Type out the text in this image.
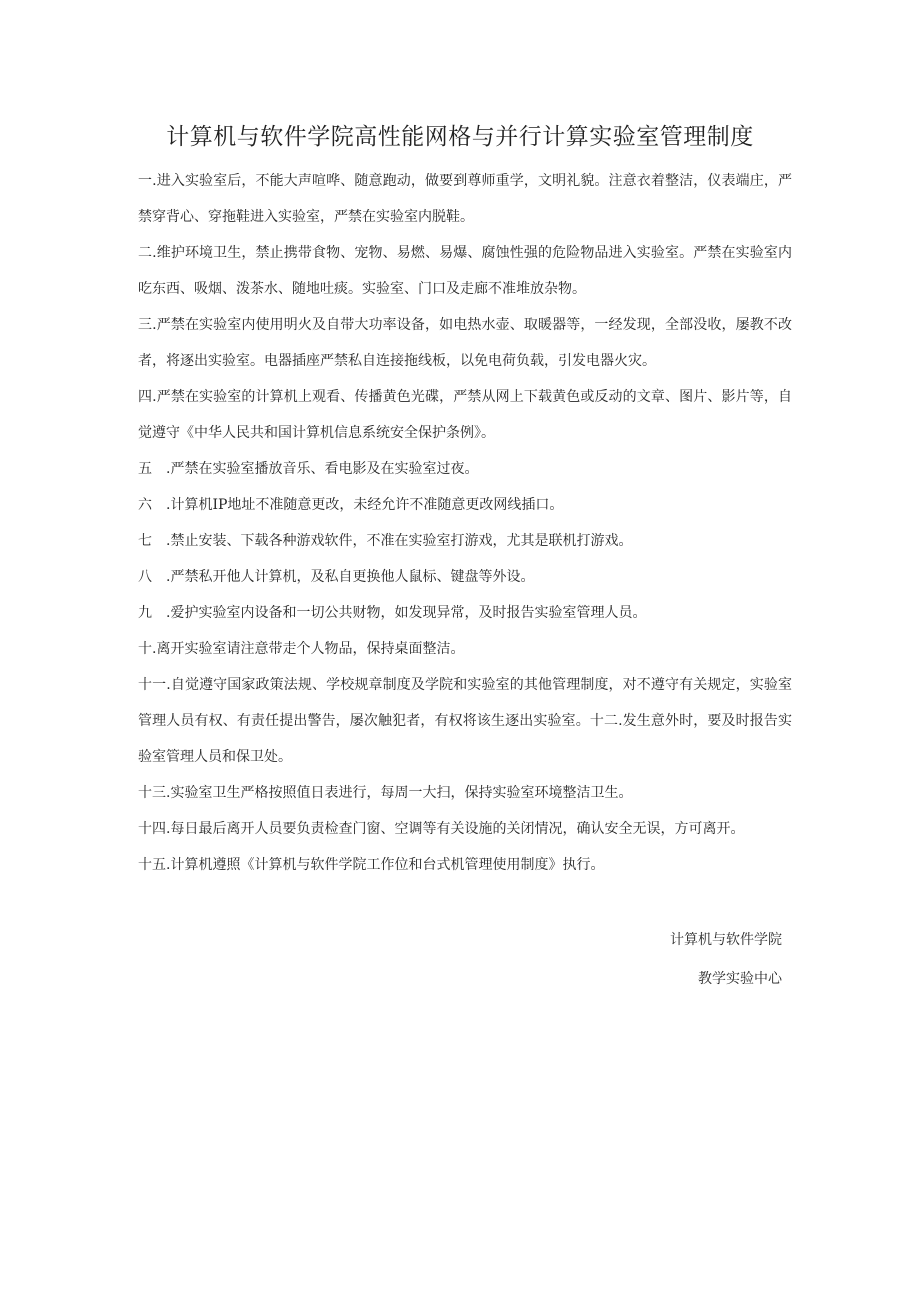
计算机与软件学院高性能网格与并行计算实验室管理制度

一.进入实验室后，不能大声喧哗、随意跑动，做要到尊师重学，文明礼貌。注意衣着整洁，仪表端庄，严禁穿背心、穿拖鞋进入实验室，严禁在实验室内脱鞋。

二.维护环境卫生，禁止携带食物、宠物、易燃、易爆、腐蚀性强的危险物品进入实验室。严禁在实验室内吃东西、吸烟、泼茶水、随地吐痰。实验室、门口及走廊不准堆放杂物。

三.严禁在实验室内使用明火及自带大功率设备，如电热水壶、取暖器等，一经发现，全部没收，屡教不改者，将逐出实验室。电器插座严禁私自连接拖线板，以免电荷负载，引发电器火灾。

四.严禁在实验室的计算机上观看、传播黄色光碟，严禁从网上下载黄色或反动的文章、图片、影片等，自觉遵守《中华人民共和国计算机信息系统安全保护条例》。

五　.严禁在实验室播放音乐、看电影及在实验室过夜。

六　.计算机IP地址不准随意更改，未经允许不准随意更改网线插口。

七　.禁止安装、下载各种游戏软件，不准在实验室打游戏，尤其是联机打游戏。

八　.严禁私开他人计算机，及私自更换他人鼠标、键盘等外设。

九　.爱护实验室内设备和一切公共财物，如发现异常，及时报告实验室管理人员。

十.离开实验室请注意带走个人物品，保持桌面整洁。

十一.自觉遵守国家政策法规、学校规章制度及学院和实验室的其他管理制度，对不遵守有关规定，实验室管理人员有权、有责任提出警告，屡次触犯者，有权将该生逐出实验室。十二.发生意外时，要及时报告实验室管理人员和保卫处。

十三.实验室卫生严格按照值日表进行，每周一大扫，保持实验室环境整洁卫生。

十四.每日最后离开人员要负责检查门窗、空调等有关设施的关闭情况，确认安全无误，方可离开。

十五.计算机遵照《计算机与软件学院工作位和台式机管理使用制度》执行。

计算机与软件学院
教学实验中心
